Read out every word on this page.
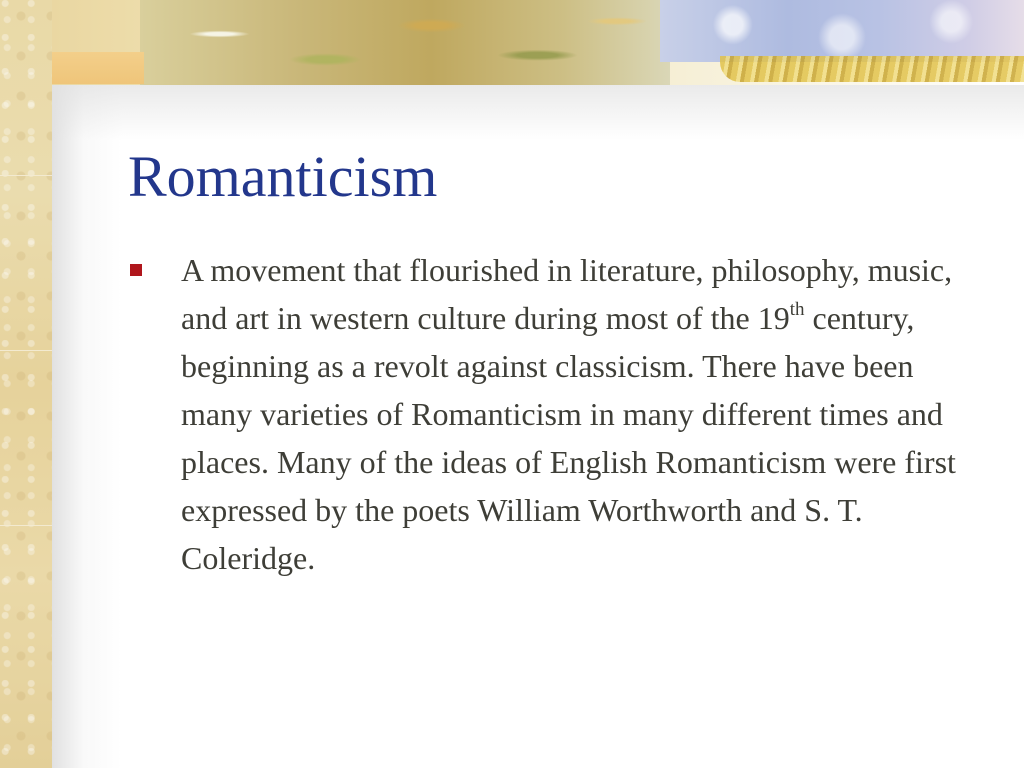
Romanticism

A movement that flourished in literature, philosophy, music, and art in western culture during most of the 19th century, beginning as a revolt against classicism. There have been many varieties of Romanticism in many different times and places. Many of the ideas of English Romanticism were first expressed by the poets William Worthworth and S. T. Coleridge.
